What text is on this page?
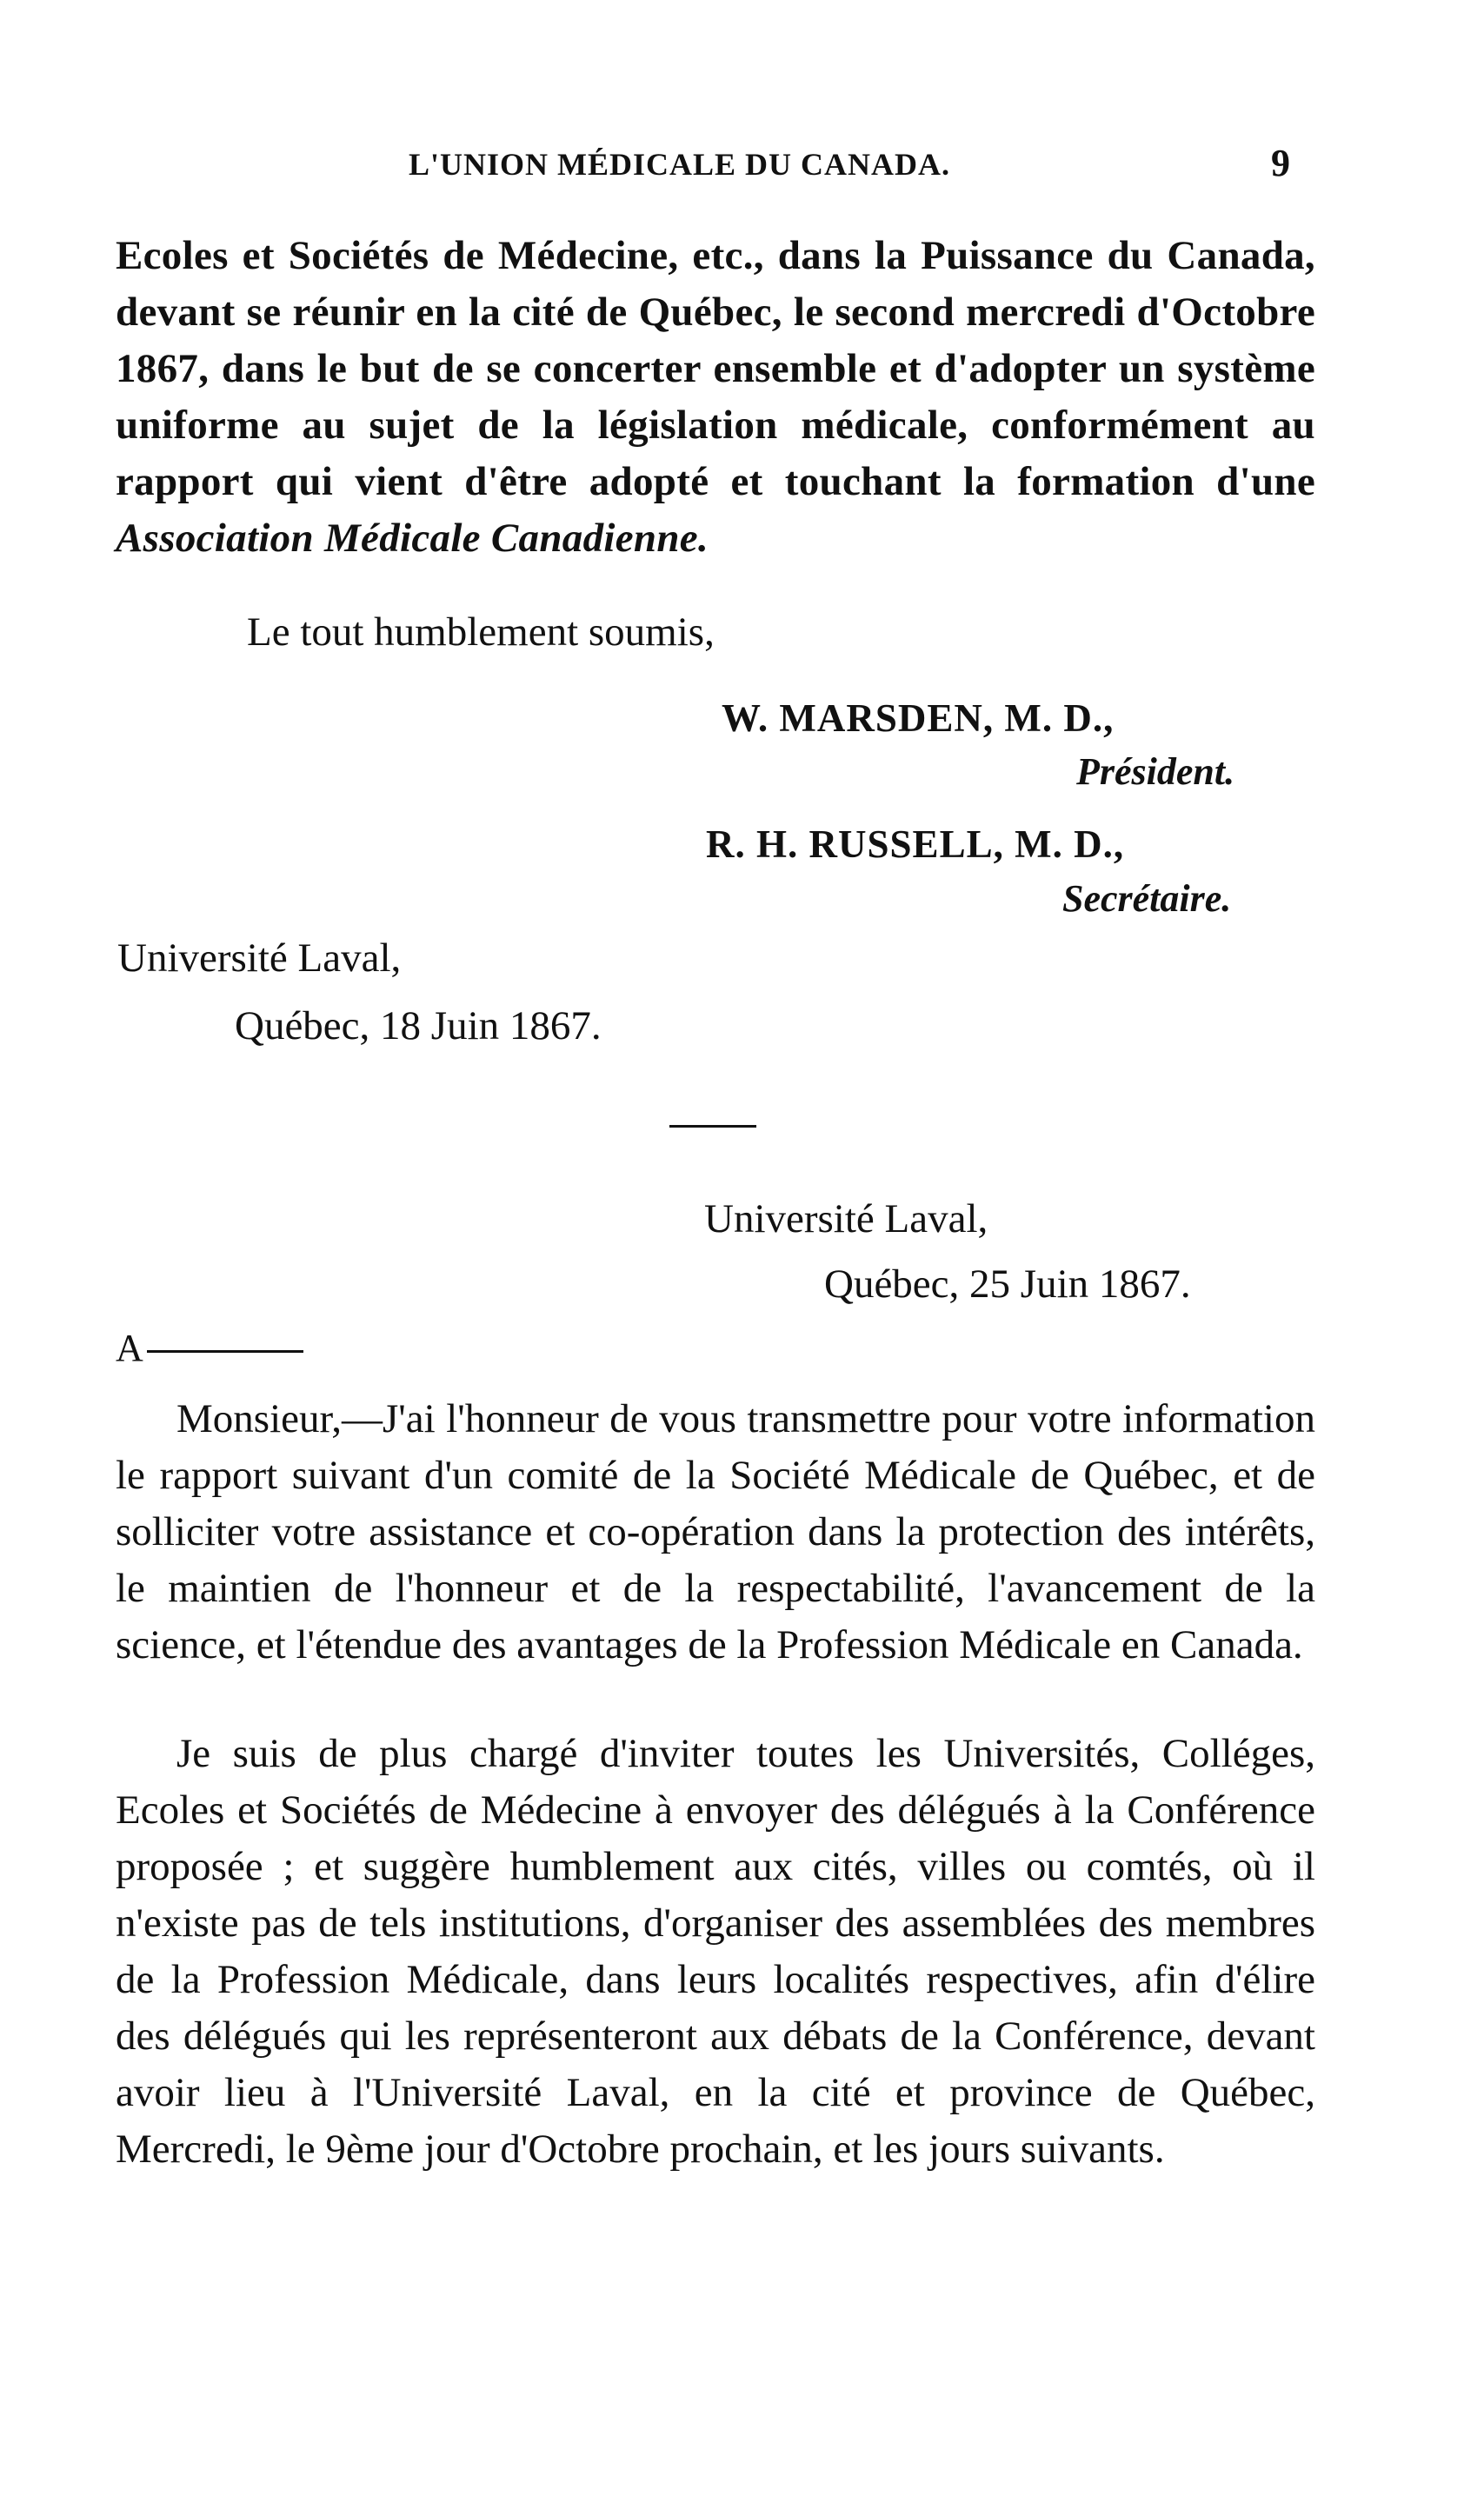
L'UNION MÉDICALE DU CANADA.	9
Ecoles et Sociétés de Médecine, etc., dans la Puissance du Canada, devant se réunir en la cité de Québec, le second mercredi d'Octobre 1867, dans le but de se concerter ensemble et d'adopter un système uniforme au sujet de la législation médicale, conformément au rapport qui vient d'être adopté et touchant la formation d'une Association Médicale Canadienne.
Le tout humblement soumis,
W. MARSDEN, M. D.,
Président.
R. H. RUSSELL, M. D.,
Secrétaire.
Université Laval,
Québec, 18 Juin 1867.
Université Laval,
Québec, 25 Juin 1867.
A
Monsieur,—J'ai l'honneur de vous transmettre pour votre information le rapport suivant d'un comité de la Société Médicale de Québec, et de solliciter votre assistance et co-opération dans la protection des intérêts, le maintien de l'honneur et de la respectabilité, l'avancement de la science, et l'étendue des avantages de la Profession Médicale en Canada.
Je suis de plus chargé d'inviter toutes les Universités, Colléges, Ecoles et Sociétés de Médecine à envoyer des délégués à la Conférence proposée ; et suggère humblement aux cités, villes ou comtés, où il n'existe pas de tels institutions, d'organiser des assemblées des membres de la Profession Médicale, dans leurs localités respectives, afin d'élire des délégués qui les représenteront aux débats de la Conférence, devant avoir lieu à l'Université Laval, en la cité et province de Québec, Mercredi, le 9ème jour d'Octobre prochain, et les jours suivants.
